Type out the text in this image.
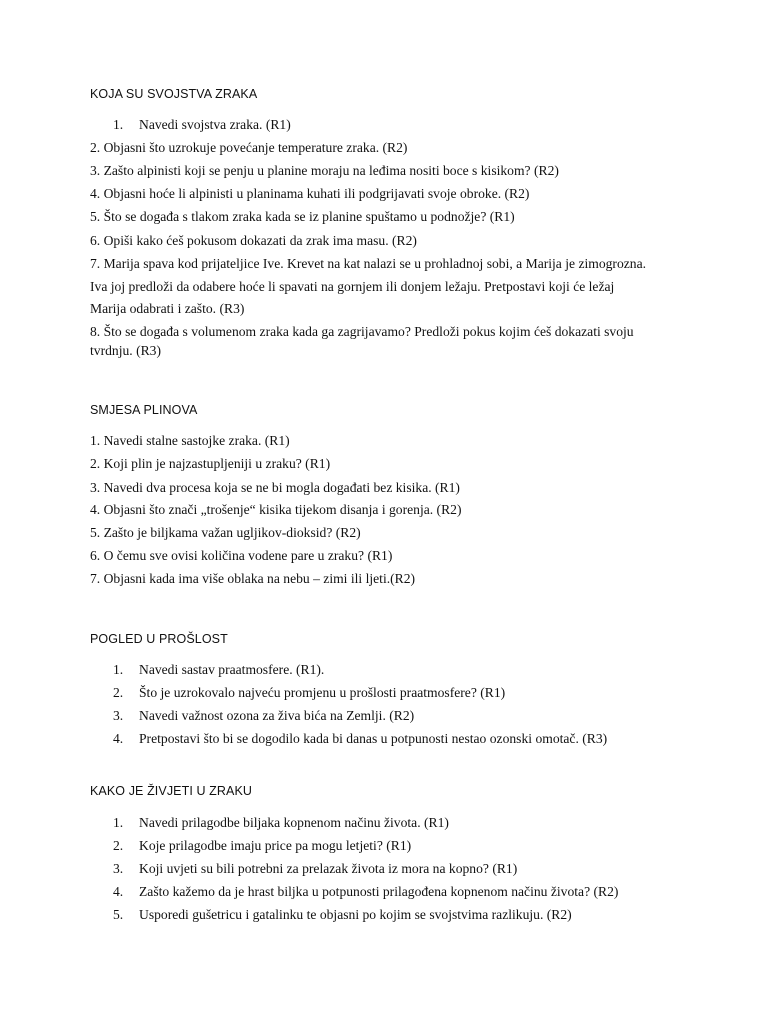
KOJA SU SVOJSTVA ZRAKA
1.	Navedi svojstva zraka. (R1)
2. Objasni što uzrokuje povećanje temperature zraka. (R2)
3. Zašto alpinisti koji se penju u planine moraju na leđima nositi boce s kisikom? (R2)
4. Objasni hoće li alpinisti u planinama kuhati ili podgrijavati svoje obroke. (R2)
5. Što se događa s tlakom zraka kada se iz planine spuštamo u podnožje? (R1)
6. Opiši kako ćeš pokusom dokazati da zrak ima masu. (R2)
7. Marija spava kod prijateljice Ive. Krevet na kat nalazi se u prohladnoj sobi, a Marija je zimogrozna.
Iva joj predloži da odabere hoće li spavati na gornjem ili donjem ležaju. Pretpostavi koji će ležaj
Marija odabrati i zašto. (R3)
8. Što se događa s volumenom zraka kada ga zagrijavamo? Predloži pokus kojim ćeš dokazati svoju
tvrdnju. (R3)
SMJESA PLINOVA
1. Navedi stalne sastojke zraka. (R1)
2. Koji plin je najzastupljeniji u zraku? (R1)
3. Navedi dva procesa koja se ne bi mogla događati bez kisika. (R1)
4. Objasni što znači „trošenje“ kisika tijekom disanja i gorenja. (R2)
5. Zašto je biljkama važan ugljikov-dioksid? (R2)
6. O čemu sve ovisi količina vodene pare u zraku? (R1)
7. Objasni kada ima više oblaka na nebu – zimi ili ljeti.(R2)
POGLED U PROŠLOST
1.	Navedi sastav praatmosfere. (R1).
2.	Što je uzrokovalo najveću promjenu u prošlosti praatmosfere? (R1)
3.	Navedi važnost ozona za živa bića na Zemlji. (R2)
4.	Pretpostavi što bi se dogodilo kada bi danas u potpunosti nestao ozonski omotač. (R3)
KAKO JE ŽIVJETI U ZRAKU
1.	Navedi prilagodbe biljaka kopnenom načinu života. (R1)
2.	Koje prilagodbe imaju price pa mogu letjeti? (R1)
3.	Koji uvjeti su bili potrebni za prelazak života iz mora na kopno? (R1)
4.	Zašto kažemo da je hrast biljka u potpunosti prilagođena kopnenom načinu života? (R2)
5.	Usporedi gušetricu i gatalinku te objasni po kojim se svojstvima razlikuju. (R2)
